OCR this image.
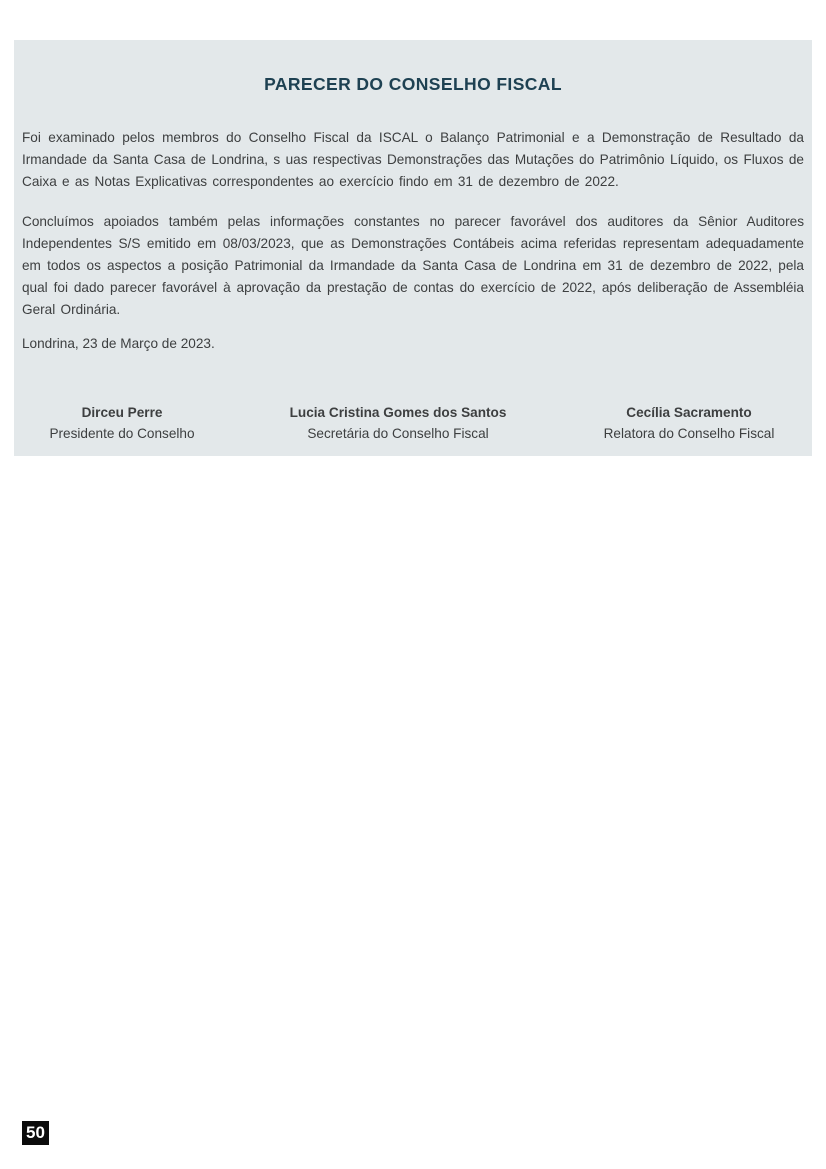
PARECER DO CONSELHO FISCAL

Foi examinado pelos membros do Conselho Fiscal da ISCAL o Balanço Patrimonial e a Demonstração de Resultado da Irmandade da Santa Casa de Londrina, s uas respectivas Demonstrações das Mutações do Patrimônio Líquido, os Fluxos de Caixa e as Notas Explicativas correspondentes ao exercício findo em 31 de dezembro de 2022.

Concluímos apoiados também pelas informações constantes no parecer favorável dos auditores da Sênior Auditores Independentes S/S emitido em 08/03/2023, que as Demonstrações Contábeis acima referidas representam adequadamente em todos os aspectos a posição Patrimonial da Irmandade da Santa Casa de Londrina em 31 de dezembro de 2022, pela qual foi dado parecer favorável à aprovação da prestação de contas do exercício de 2022, após deliberação de Assembléia Geral Ordinária.

Londrina, 23 de Março de 2023.

Dirceu Perre
Presidente do Conselho
Lucia Cristina Gomes dos Santos
Secretária do Conselho Fiscal
Cecília Sacramento
Relatora do Conselho Fiscal
50
